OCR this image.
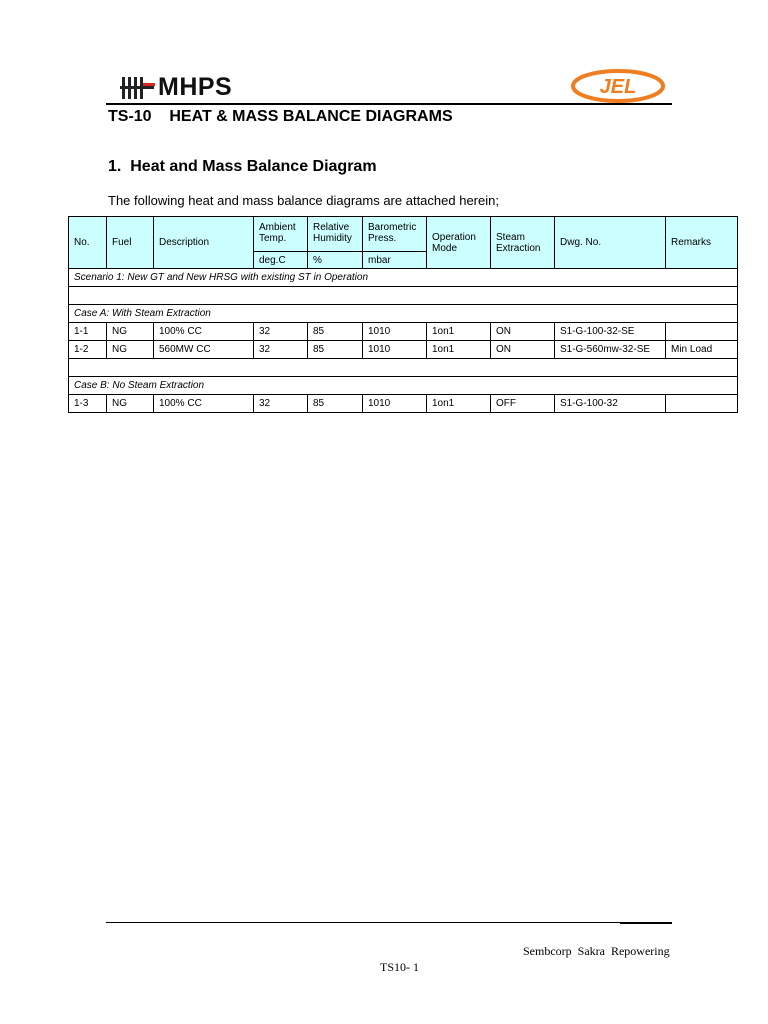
MHPS	JEL
TS-10    HEAT & MASS BALANCE DIAGRAMS
1.  Heat and Mass Balance Diagram
The following heat and mass balance diagrams are attached herein;
No.	Fuel	Description	Ambient Temp.	Relative Humidity	Barometric Press.	Operation Mode	Steam Extraction	Dwg. No.	Remarks
			deg.C	%	mbar				
Scenario 1: New GT and New HRSG with existing ST in Operation									

Case A: With Steam Extraction									
1-1	NG	100% CC	32	85	1010	1on1	ON	S1-G-100-32-SE	
1-2	NG	560MW CC	32	85	1010	1on1	ON	S1-G-560mw-32-SE	Min Load

Case B: No Steam Extraction									
1-3	NG	100% CC	32	85	1010	1on1	OFF	S1-G-100-32	
Sembcorp Sakra Repowering
TS10- 1
